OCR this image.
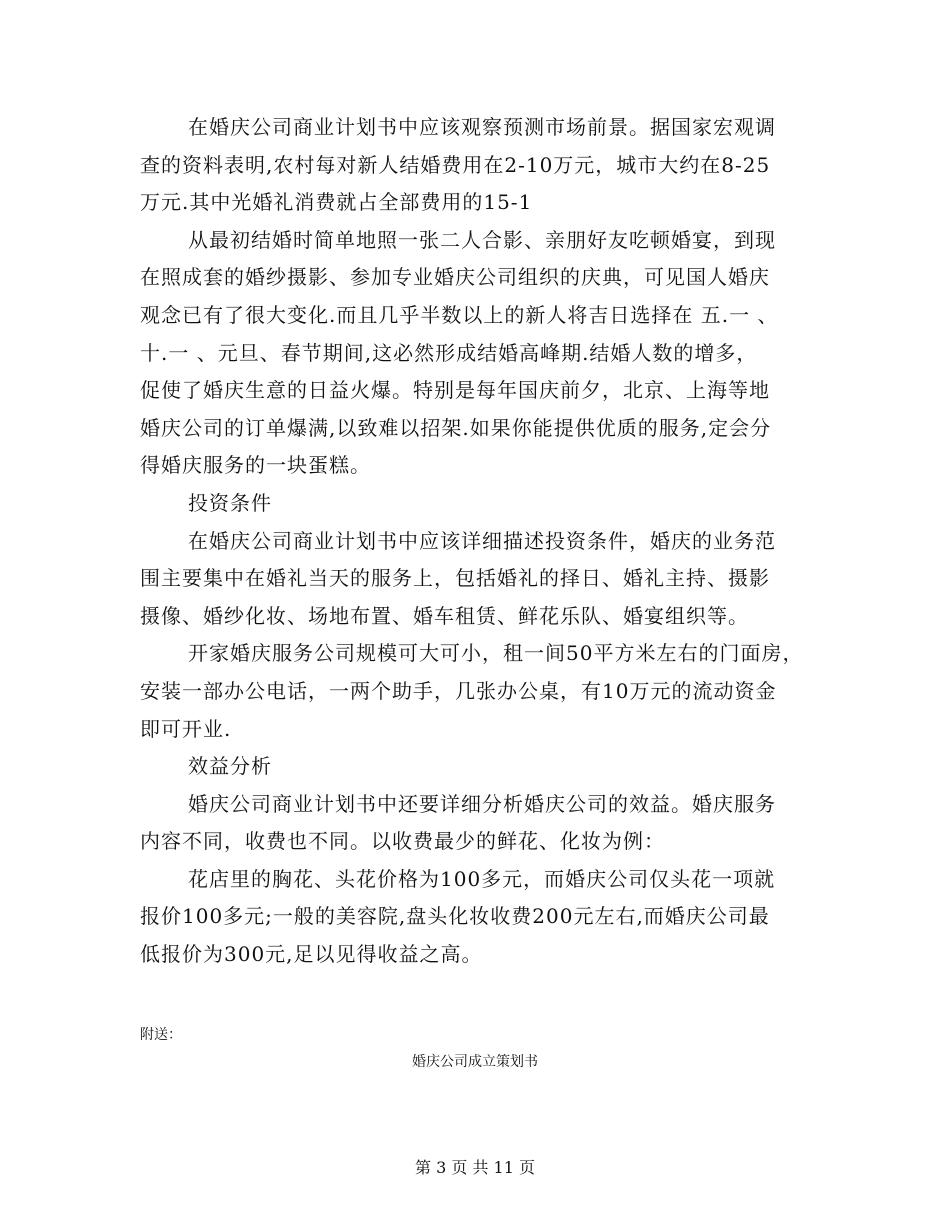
在婚庆公司商业计划书中应该观察预测市场前景。据国家宏观调
查的资料表明,农村每对新人结婚费用在2-10万元，城市大约在8-25
万元.其中光婚礼消费就占全部费用的15-1
从最初结婚时简单地照一张二人合影、亲朋好友吃顿婚宴，到现
在照成套的婚纱摄影、参加专业婚庆公司组织的庆典，可见国人婚庆
观念已有了很大变化.而且几乎半数以上的新人将吉日选择在 五.一 、
十.一 、元旦、春节期间,这必然形成结婚高峰期.结婚人数的增多，
促使了婚庆生意的日益火爆。特别是每年国庆前夕，北京、上海等地
婚庆公司的订单爆满,以致难以招架.如果你能提供优质的服务,定会分
得婚庆服务的一块蛋糕。
投资条件
在婚庆公司商业计划书中应该详细描述投资条件，婚庆的业务范
围主要集中在婚礼当天的服务上，包括婚礼的择日、婚礼主持、摄影
摄像、婚纱化妆、场地布置、婚车租赁、鲜花乐队、婚宴组织等。
开家婚庆服务公司规模可大可小，租一间50平方米左右的门面房，
安装一部办公电话，一两个助手，几张办公桌，有10万元的流动资金
即可开业.
效益分析
婚庆公司商业计划书中还要详细分析婚庆公司的效益。婚庆服务
内容不同，收费也不同。以收费最少的鲜花、化妆为例：
花店里的胸花、头花价格为100多元，而婚庆公司仅头花一项就
报价100多元;一般的美容院,盘头化妆收费200元左右,而婚庆公司最
低报价为300元,足以见得收益之高。
附送：
婚庆公司成立策划书
第 3 页 共 11 页
